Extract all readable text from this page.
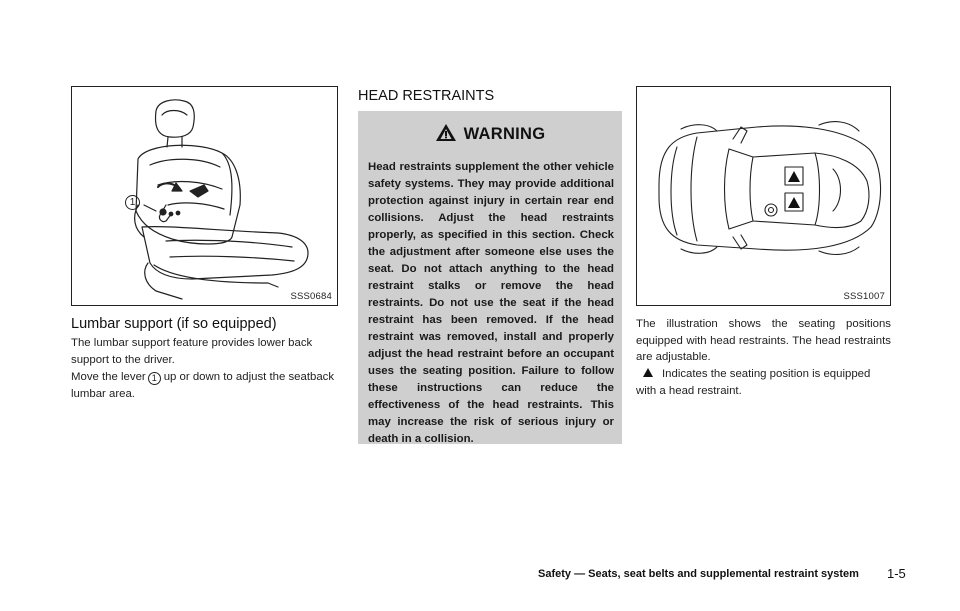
1
SSS0684
Lumbar support (if so equipped)
The lumbar support feature provides lower back support to the driver.
Move the lever 1 up or down to adjust the seatback lumbar area.
HEAD RESTRAINTS
WARNING
Head restraints supplement the other vehicle safety systems. They may provide additional protection against injury in certain rear end collisions. Adjust the head restraints properly, as specified in this section. Check the adjustment after someone else uses the seat. Do not attach anything to the head restraint stalks or remove the head restraints. Do not use the seat if the head restraint has been removed. If the head restraint was removed, install and properly adjust the head restraint before an occupant uses the seating position. Failure to follow these instructions can reduce the effectiveness of the head restraints. This may increase the risk of serious injury or death in a collision.
SSS1007
The illustration shows the seating positions equipped with head restraints. The head restraints are adjustable.
Indicates the seating position is equipped with a head restraint.
Safety — Seats, seat belts and supplemental restraint system 1-5
